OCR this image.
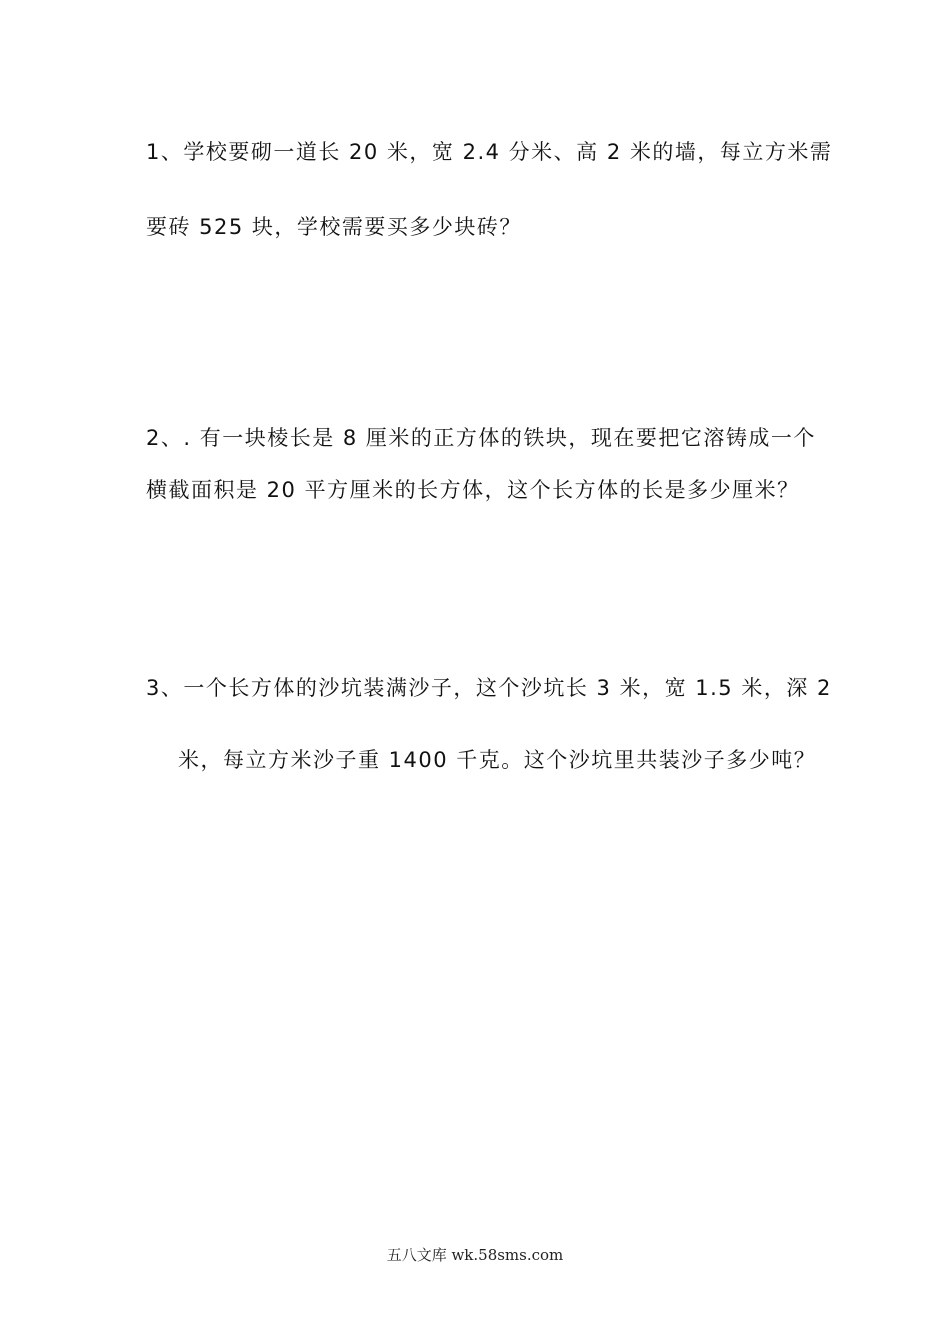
1、学校要砌一道长 20 米，宽 2.4 分米、高 2 米的墙，每立方米需
要砖 525 块，学校需要买多少块砖？
2、. 有一块棱长是 8 厘米的正方体的铁块，现在要把它溶铸成一个
横截面积是 20 平方厘米的长方体，这个长方体的长是多少厘米？
3、一个长方体的沙坑装满沙子，这个沙坑长 3 米，宽 1.5 米，深 2
米，每立方米沙子重 1400 千克。这个沙坑里共装沙子多少吨？
五八文库 wk.58sms.com
